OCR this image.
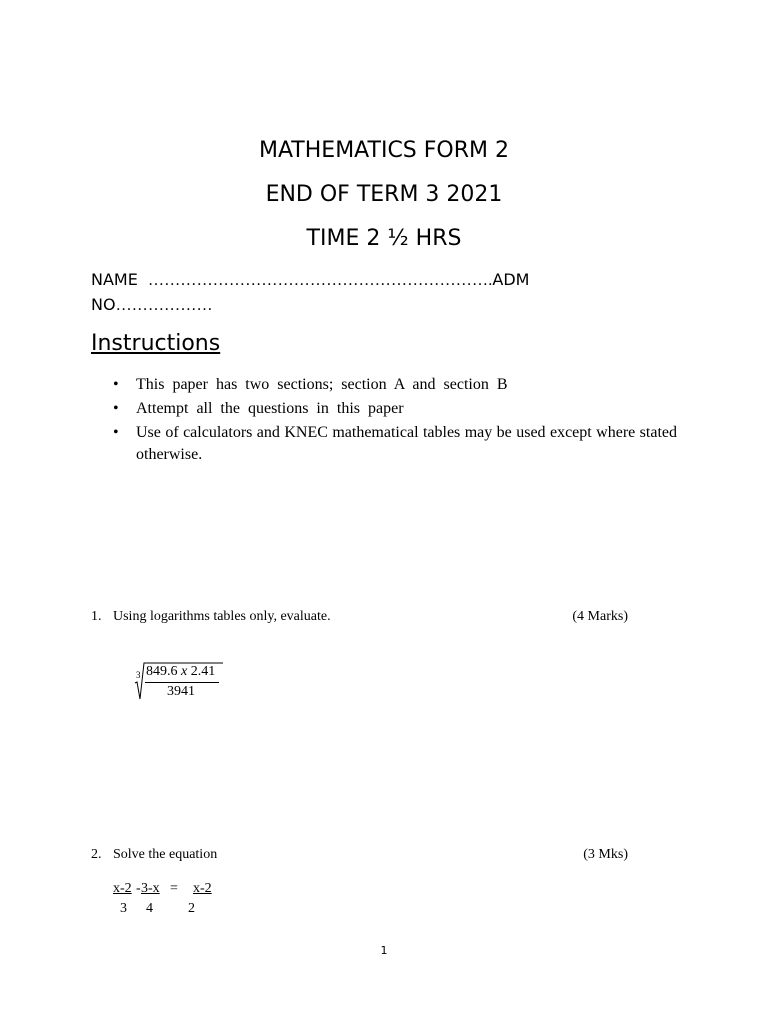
MATHEMATICS FORM 2
END OF TERM 3 2021
TIME 2 ½ HRS
NAME ……………………………………………………….ADM
NO………………
Instructions
• This paper has two sections; section A and section B
• Attempt all the questions in this paper
• Use of calculators and KNEC mathematical tables may be used except where stated otherwise.
1. Using logarithms tables only, evaluate.	(4 Marks)
3 849.6 x 2.41
3941
2. Solve the equation	(3 Mks)
x-2 - 3-x = x-2
3 4	2
1
